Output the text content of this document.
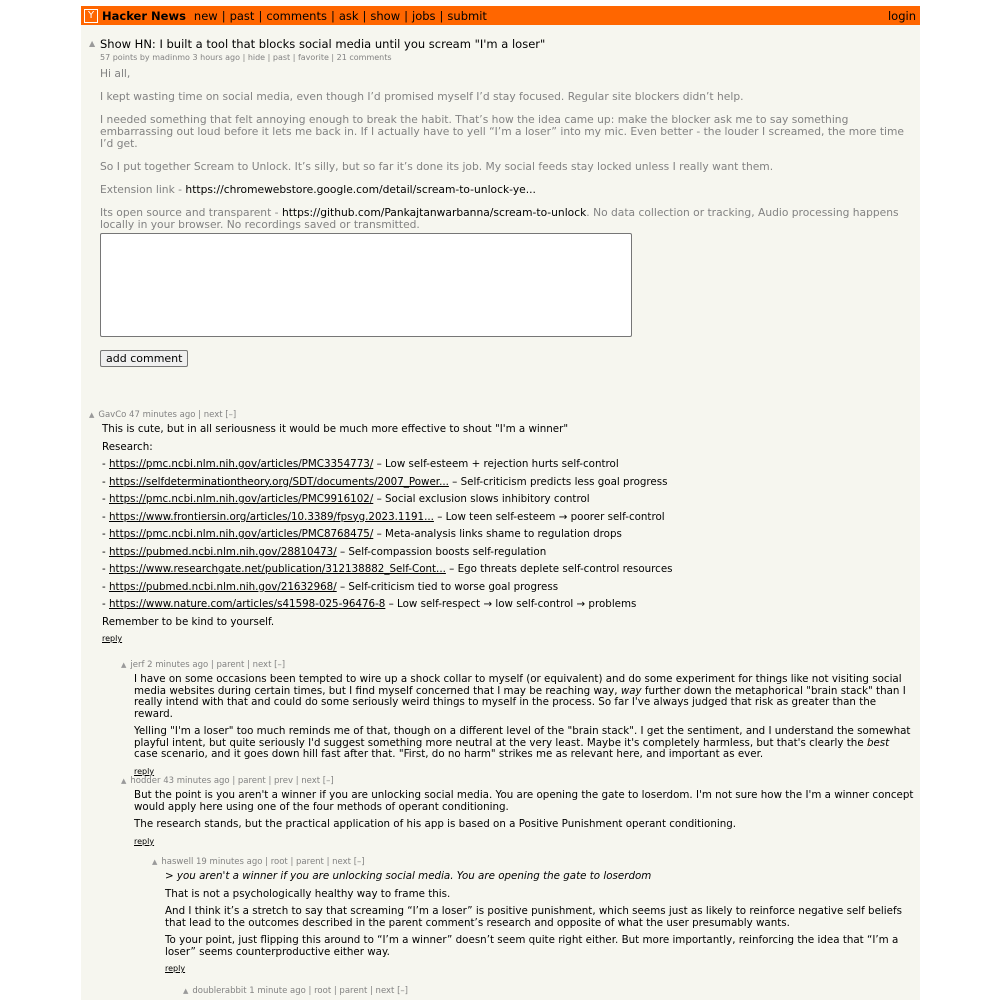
Y Hacker News new | past | comments | ask | show | jobs | submit	login
▲ Show HN: I built a tool that blocks social media until you scream "I'm a loser"
57 points by madinmo 3 hours ago | hide | past | favorite | 21 comments

Hi all,

I kept wasting time on social media, even though I’d promised myself I’d stay focused. Regular site blockers didn’t help.

I needed something that felt annoying enough to break the habit. That’s how the idea came up: make the blocker ask me to say something embarrassing out loud before it lets me back in. If I actually have to yell “I’m a loser” into my mic. Even better - the louder I screamed, the more time I’d get.

So I put together Scream to Unlock. It’s silly, but so far it’s done its job. My social feeds stay locked unless I really want them.

Extension link - https://chromewebstore.google.com/detail/scream-to-unlock-ye...

Its open source and transparent - https://github.com/Pankajtanwarbanna/scream-to-unlock. No data collection or tracking, Audio processing happens locally in your browser. No recordings saved or transmitted.

add comment
▲ GavCo 47 minutes ago | next [–]

This is cute, but in all seriousness it would be much more effective to shout "I'm a winner"

Research:

- https://pmc.ncbi.nlm.nih.gov/articles/PMC3354773/ – Low self-esteem + rejection hurts self-control

- https://selfdeterminationtheory.org/SDT/documents/2007_Power... – Self-criticism predicts less goal progress

- https://pmc.ncbi.nlm.nih.gov/articles/PMC9916102/ – Social exclusion slows inhibitory control

- https://www.frontiersin.org/articles/10.3389/fpsyg.2023.1191... – Low teen self-esteem → poorer self-control

- https://pmc.ncbi.nlm.nih.gov/articles/PMC8768475/ – Meta-analysis links shame to regulation drops

- https://pubmed.ncbi.nlm.nih.gov/28810473/ – Self-compassion boosts self-regulation

- https://www.researchgate.net/publication/312138882_Self-Cont... – Ego threats deplete self-control resources

- https://pubmed.ncbi.nlm.nih.gov/21632968/ – Self-criticism tied to worse goal progress

- https://www.nature.com/articles/s41598-025-96476-8 – Low self-respect → low self-control → problems

Remember to be kind to yourself.

reply
▲ jerf 2 minutes ago | parent | next [–]

I have on some occasions been tempted to wire up a shock collar to myself (or equivalent) and do some experiment for things like not visiting social media websites during certain times, but I find myself concerned that I may be reaching way, way further down the metaphorical "brain stack" than I really intend with that and could do some seriously weird things to myself in the process. So far I've always judged that risk as greater than the reward.

Yelling "I'm a loser" too much reminds me of that, though on a different level of the "brain stack". I get the sentiment, and I understand the somewhat playful intent, but quite seriously I'd suggest something more neutral at the very least. Maybe it's completely harmless, but that's clearly the best case scenario, and it goes down hill fast after that. "First, do no harm" strikes me as relevant here, and important as ever.

reply
▲ hodder 43 minutes ago | parent | prev | next [–]

But the point is you aren't a winner if you are unlocking social media. You are opening the gate to loserdom. I'm not sure how the I'm a winner concept would apply here using one of the four methods of operant conditioning.

The research stands, but the practical application of his app is based on a Positive Punishment operant conditioning.

reply
▲ haswell 19 minutes ago | root | parent | next [–]

> you aren't a winner if you are unlocking social media. You are opening the gate to loserdom

That is not a psychologically healthy way to frame this.

And I think it’s a stretch to say that screaming “I’m a loser” is positive punishment, which seems just as likely to reinforce negative self beliefs that lead to the outcomes described in the parent comment’s research and opposite of what the user presumably wants.

To your point, just flipping this around to “I’m a winner” doesn’t seem quite right either. But more importantly, reinforcing the idea that “I’m a loser” seems counterproductive either way.

reply
▲ doublerabbit 1 minute ago | root | parent | next [–]
